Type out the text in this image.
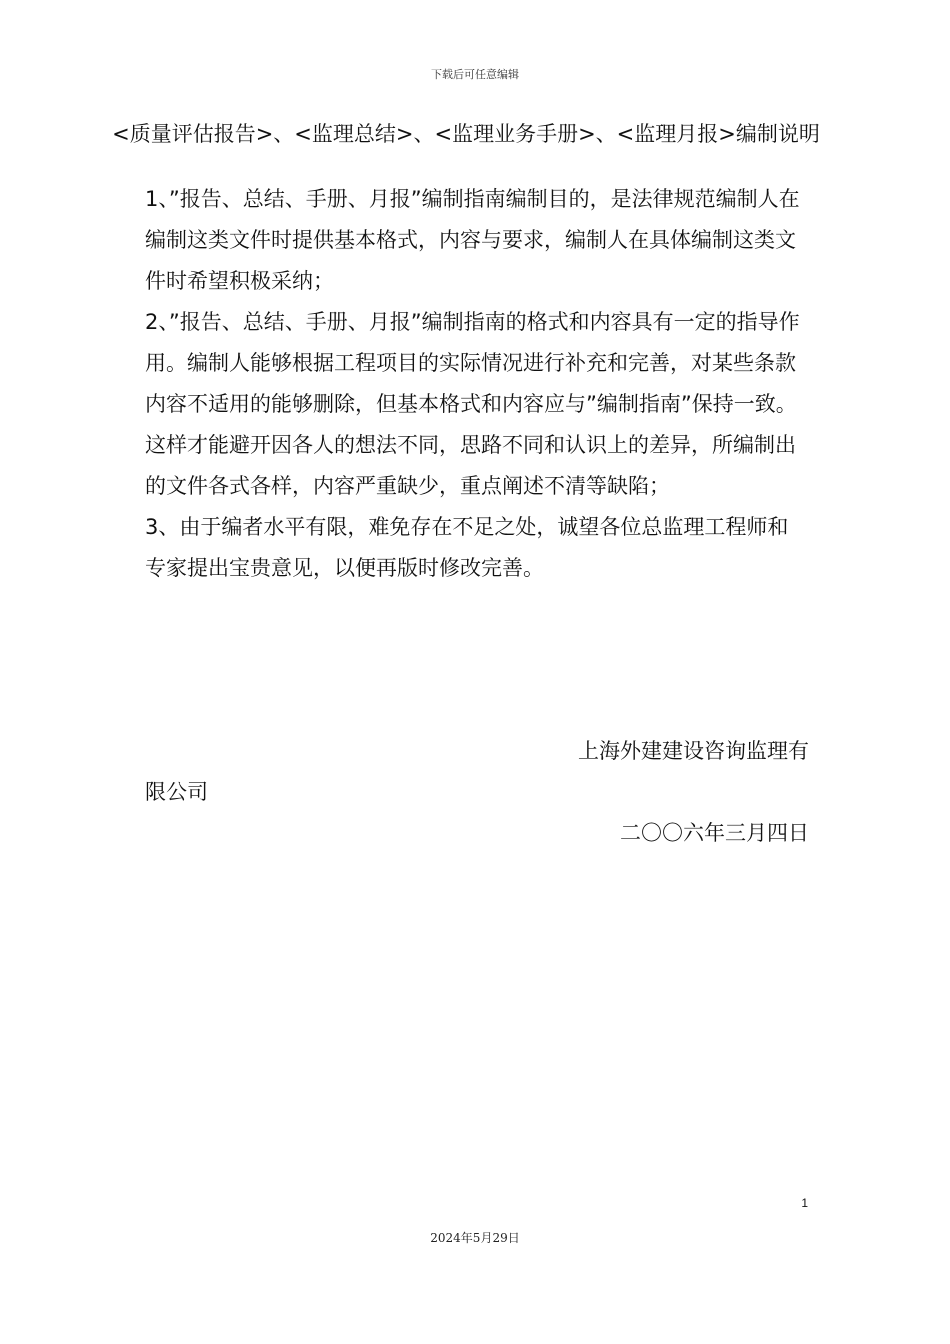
下载后可任意编辑
<质量评估报告>、<监理总结>、<监理业务手册>、<监理月报>编制说明

1、”报告、总结、手册、月报”编制指南编制目的，是法律规范编制人在编制这类文件时提供基本格式，内容与要求，编制人在具体编制这类文件时希望积极采纳；

2、”报告、总结、手册、月报”编制指南的格式和内容具有一定的指导作用。编制人能够根据工程项目的实际情况进行补充和完善，对某些条款内容不适用的能够删除，但基本格式和内容应与”编制指南”保持一致。这样才能避开因各人的想法不同，思路不同和认识上的差异，所编制出的文件各式各样，内容严重缺少，重点阐述不清等缺陷；

3、由于编者水平有限，难免存在不足之处，诚望各位总监理工程师和专家提出宝贵意见，以便再版时修改完善。

上海外建建设咨询监理有
限公司
二〇〇六年三月四日
1
2024年5月29日
